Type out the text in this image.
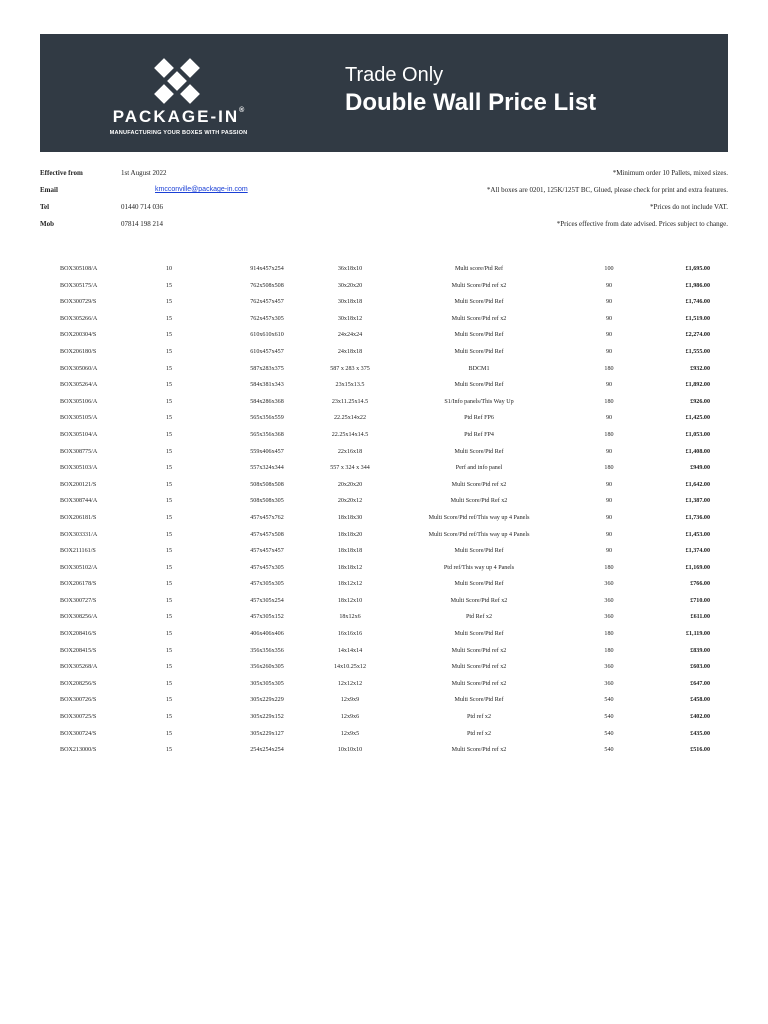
PACKAGE-IN®
MANUFACTURING YOUR BOXES WITH PASSION
Trade Only
Double Wall Price List
Effective from	1st August 2022	*Minimum order 10 Pallets, mixed sizes.
Email	kmcconville@package-in.com	*All boxes are 0201, 125K/125T BC, Glued, please check for print and extra features.
Tel	01440 714 036	*Prices do not include VAT.
Mob	07814 198 214	*Prices effective from date advised. Prices subject to change.
BOX305108/A	10	914x457x254	36x18x10	Multi score/Ptd Ref	100	£1,695.00
BOX305175/A	15	762x508x508	30x20x20	Multi Score/Ptd ref x2	90	£1,986.00
BOX300729/S	15	762x457x457	30x18x18	Multi Score/Ptd Ref	90	£1,746.00
BOX305266/A	15	762x457x305	30x18x12	Multi Score/Ptd ref x2	90	£1,519.00
BOX200304/S	15	610x610x610	24x24x24	Multi Score/Ptd Ref	90	£2,274.00
BOX206180/S	15	610x457x457	24x18x18	Multi Score/Ptd Ref	90	£1,555.00
BOX305060/A	15	587x283x375	587 x 283 x 375	BDCM1	180	£932.00
BOX305264/A	15	584x381x343	23x15x13.5	Multi Score/Ptd Ref	90	£1,892.00
BOX305106/A	15	584x286x368	23x11.25x14.5	S1/Info panels/This Way Up	180	£926.00
BOX305105/A	15	565x356x559	22.25x14x22	Ptd Ref FP6	90	£1,425.00
BOX305104/A	15	565x356x368	22.25x14x14.5	Ptd Ref FP4	180	£1,053.00
BOX308775/A	15	559x406x457	22x16x18	Multi Score/Ptd Ref	90	£1,408.00
BOX305103/A	15	557x324x344	557 x 324 x 344	Perf and info panel	180	£949.00
BOX200121/S	15	508x508x508	20x20x20	Multi Score/Ptd ref x2	90	£1,642.00
BOX308744/A	15	508x508x305	20x20x12	Multi Score/Ptd Ref x2	90	£1,387.00
BOX206181/S	15	457x457x762	18x18x30	Multi Score/Ptd ref/This way up 4 Panels	90	£1,736.00
BOX303331/A	15	457x457x508	18x18x20	Multi Score/Ptd ref/This way up 4 Panels	90	£1,453.00
BOX211161/S	15	457x457x457	18x18x18	Multi Score/Ptd Ref	90	£1,374.00
BOX305102/A	15	457x457x305	18x18x12	Ptd ref/This way up 4 Panels	180	£1,169.00
BOX206178/S	15	457x305x305	18x12x12	Multi Score/Ptd Ref	360	£766.00
BOX300727/S	15	457x305x254	18x12x10	Multi Score/Ptd Ref x2	360	£710.00
BOX308256/A	15	457x305x152	18x12x6	Ptd Ref x2	360	£611.00
BOX208416/S	15	406x406x406	16x16x16	Multi Score/Ptd Ref	180	£1,119.00
BOX208415/S	15	356x356x356	14x14x14	Multi Score/Ptd ref x2	180	£839.00
BOX305268/A	15	356x260x305	14x10.25x12	Multi Score/Ptd ref x2	360	£603.00
BOX208256/S	15	305x305x305	12x12x12	Multi Score/Ptd ref x2	360	£647.00
BOX300726/S	15	305x229x229	12x9x9	Multi Score/Ptd Ref	540	£458.00
BOX300725/S	15	305x229x152	12x9x6	Ptd ref x2	540	£402.00
BOX300724/S	15	305x229x127	12x9x5	Ptd ref x2	540	£435.00
BOX213000/S	15	254x254x254	10x10x10	Multi Score/Ptd ref x2	540	£516.00
